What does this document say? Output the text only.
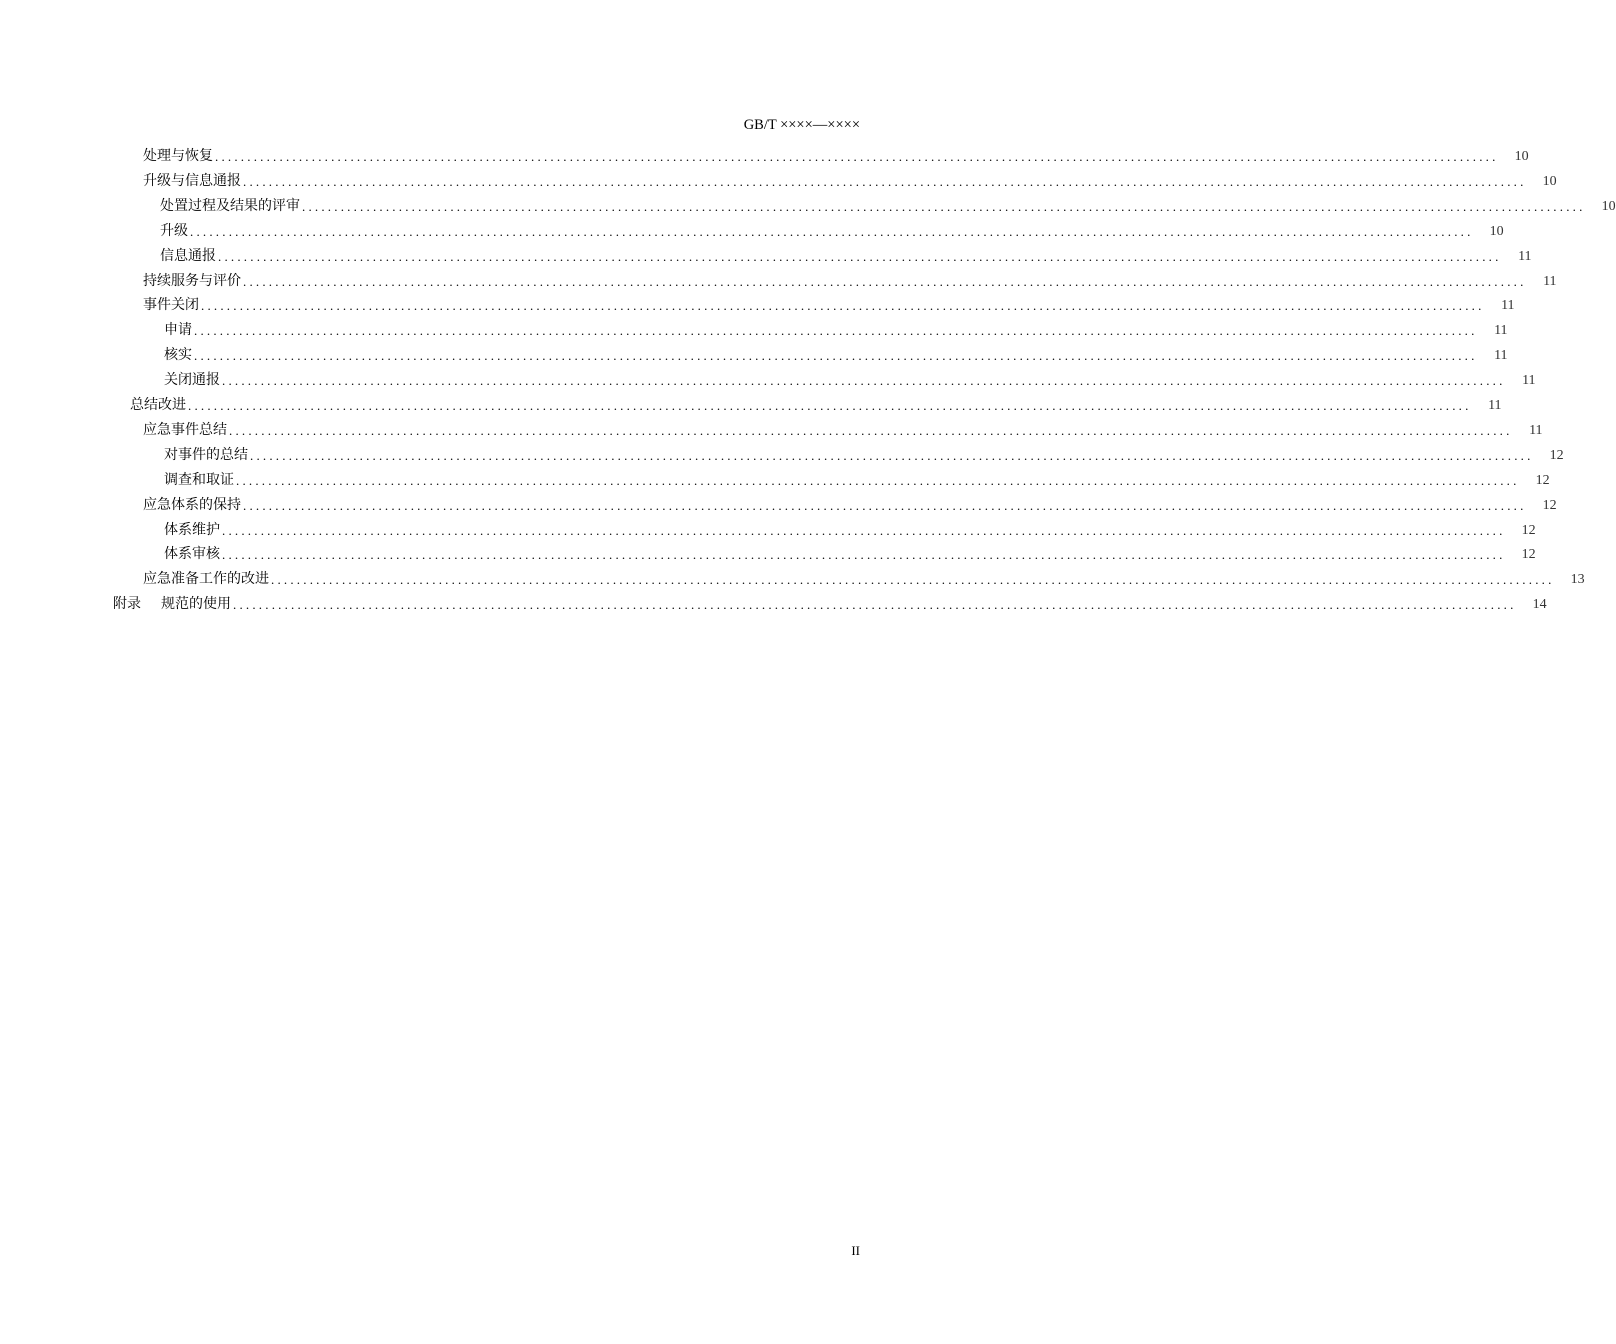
GB/T ××××—××××
处理与恢复 .......................................................................................................................................................................................................	10
升级与信息通报 .......................................................................................................................................................................................................	10
处置过程及结果的评审 .......................................................................................................................................................................................................	10
升级 .......................................................................................................................................................................................................	10
信息通报 .......................................................................................................................................................................................................	11
持续服务与评价 .......................................................................................................................................................................................................	11
事件关闭 .......................................................................................................................................................................................................	11
申请 .......................................................................................................................................................................................................	11
核实 .......................................................................................................................................................................................................	11
关闭通报 .......................................................................................................................................................................................................	11
总结改进 .......................................................................................................................................................................................................	11
应急事件总结 .......................................................................................................................................................................................................	11
对事件的总结 .......................................................................................................................................................................................................	12
调查和取证 .......................................................................................................................................................................................................	12
应急体系的保持 .......................................................................................................................................................................................................	12
体系维护 .......................................................................................................................................................................................................	12
体系审核 .......................................................................................................................................................................................................	12
应急准备工作的改进 .......................................................................................................................................................................................................	13
附录 规范的使用 .......................................................................................................................................................................................................	14
II
